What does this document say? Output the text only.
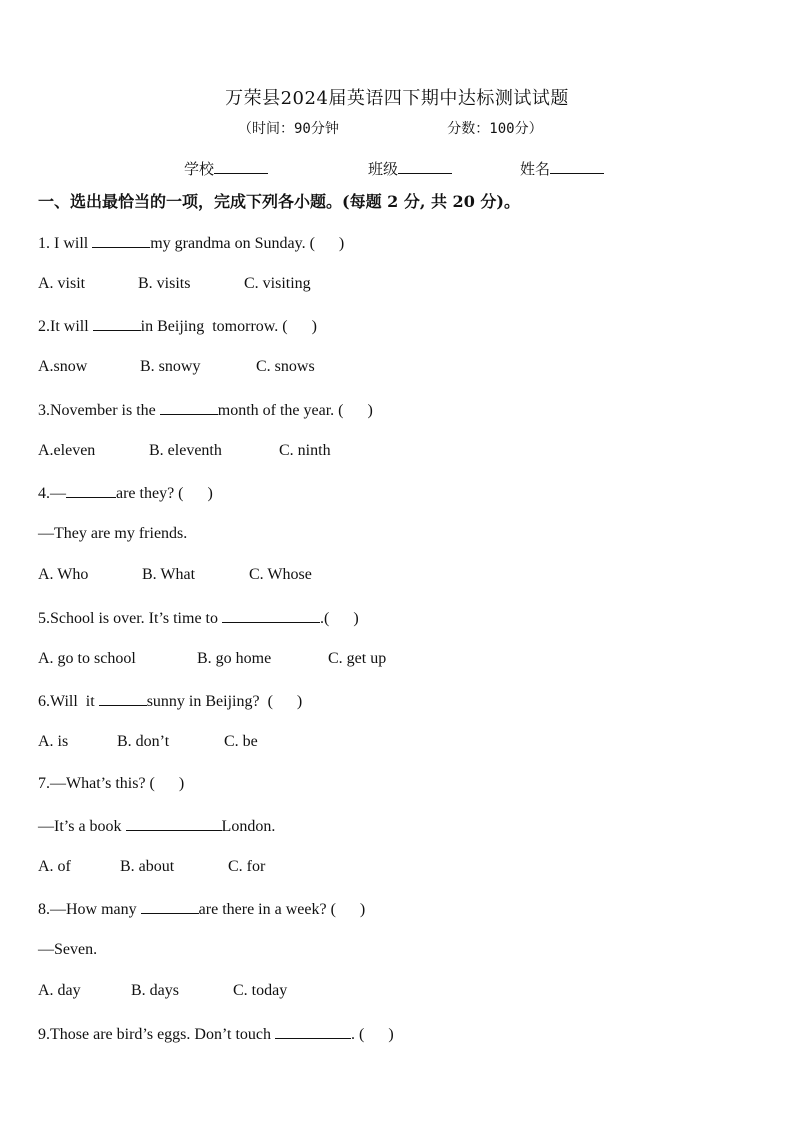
万荣县2024届英语四下期中达标测试试题
（时间：90分钟	分数：100分）
学校	班级	姓名
一、选出最恰当的一项，完成下列各小题。(每题 2 分, 共 20 分)。
1. I will	my grandma on Sunday. (      )
A. visit	B. visits	C. visiting
2.It will	in Beijing  tomorrow. (      )
A.snow	B. snowy	C. snows
3.November is the	month of the year. (      )
A.eleven	B. eleventh	C. ninth
4.—	are they? (      )
—They are my friends.
A. Who	B. What	C. Whose
5.School is over. It’s time to	.(      )
A. go to school	B. go home	C. get up
6.Will  it	sunny in Beijing?  (      )
A. is	B. don’t	C. be
7.—What’s this? (      )
—It’s a book	London.
A. of	B. about	C. for
8.—How many	are there in a week? (      )
—Seven.
A. day	B. days	C. today
9.Those are bird’s eggs. Don’t touch	. (      )
